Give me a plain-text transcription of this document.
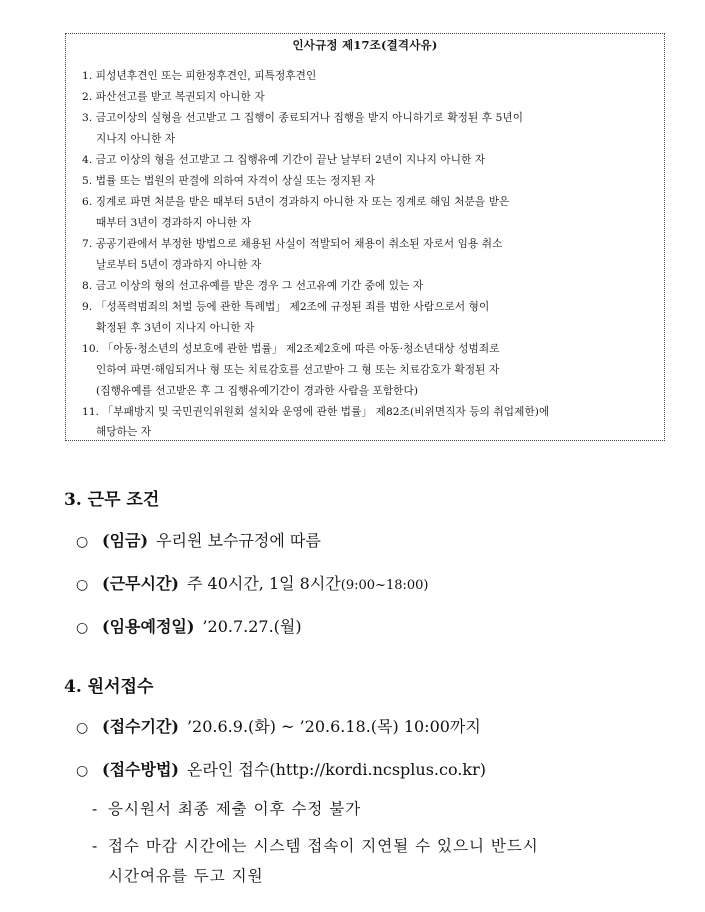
인사규정 제17조(결격사유)
1. 피성년후견인 또는 피한정후견인, 피특정후견인
2. 파산선고를 받고 복권되지 아니한 자
3. 금고이상의 실형을 선고받고 그 집행이 종료되거나 집행을 받지 아니하기로 확정된 후 5년이
지나지 아니한 자
4. 금고 이상의 형을 선고받고 그 집행유예 기간이 끝난 날부터 2년이 지나지 아니한 자
5. 법률 또는 법원의 판결에 의하여 자격이 상실 또는 정지된 자
6. 징계로 파면 처분을 받은 때부터 5년이 경과하지 아니한 자 또는 징계로 해임 처분을 받은
때부터 3년이 경과하지 아니한 자
7. 공공기관에서 부정한 방법으로 채용된 사실이 적발되어 채용이 취소된 자로서 임용 취소
날로부터 5년이 경과하지 아니한 자
8. 금고 이상의 형의 선고유예를 받은 경우 그 선고유예 기간 중에 있는 자
9. 「성폭력범죄의 처벌 등에 관한 특례법」 제2조에 규정된 죄를 범한 사람으로서 형이
확정된 후 3년이 지나지 아니한 자
10. 「아동·청소년의 성보호에 관한 법률」 제2조제2호에 따른 아동·청소년대상 성범죄로
인하여 파면·해임되거나 형 또는 치료감호를 선고받아 그 형 또는 치료감호가 확정된 자
(집행유예를 선고받은 후 그 집행유예기간이 경과한 사람을 포함한다)
11. 「부패방지 및 국민권익위원회 설치와 운영에 관한 법률」 제82조(비위면직자 등의 취업제한)에
해당하는 자
3. 근무 조건
○ (임금) 우리원 보수규정에 따름
○ (근무시간) 주 40시간, 1일 8시간(9:00~18:00)
○ (임용예정일) ’20.7.27.(월)
4. 원서접수
○ (접수기간) ’20.6.9.(화) ~ ’20.6.18.(목) 10:00까지
○ (접수방법) 온라인 접수(http://kordi.ncsplus.co.kr)
- 응시원서 최종 제출 이후 수정 불가
- 접수 마감 시간에는 시스템 접속이 지연될 수 있으니 반드시
시간여유를 두고 지원
